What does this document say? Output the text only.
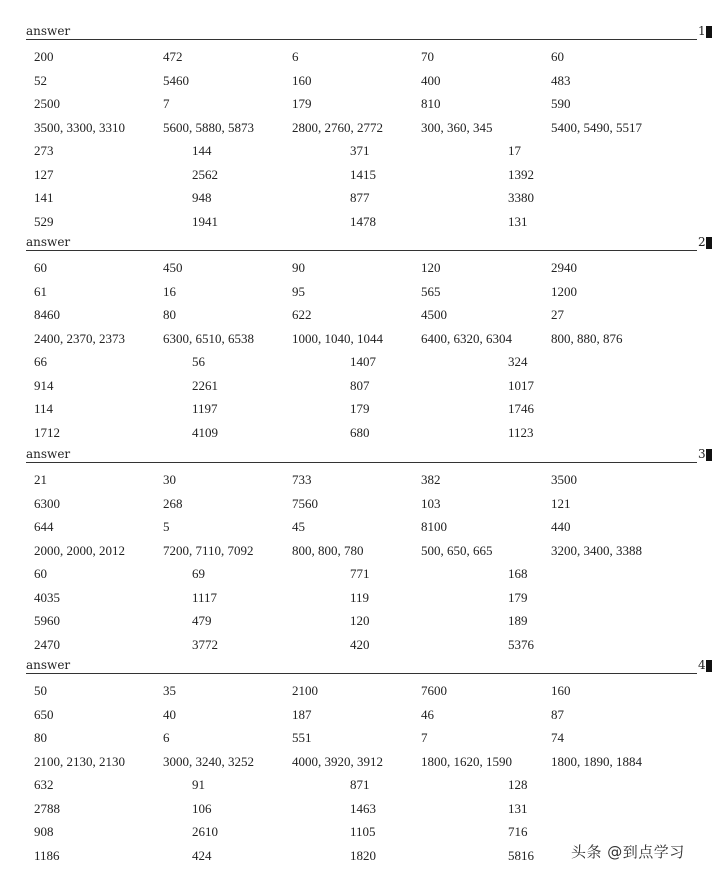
answer	1
200	472	6	70	60
52	5460	160	400	483
2500	7	179	810	590
3500, 3300, 3310	5600, 5880, 5873	2800, 2760, 2772	300, 360, 345	5400, 5490, 5517
273	144	371	17
127	2562	1415	1392
141	948	877	3380
529	1941	1478	131
answer	2
60	450	90	120	2940
61	16	95	565	1200
8460	80	622	4500	27
2400, 2370, 2373	6300, 6510, 6538	1000, 1040, 1044	6400, 6320, 6304	800, 880, 876
66	56	1407	324
914	2261	807	1017
114	1197	179	1746
1712	4109	680	1123
answer	3
21	30	733	382	3500
6300	268	7560	103	121
644	5	45	8100	440
2000, 2000, 2012	7200, 7110, 7092	800, 800, 780	500, 650, 665	3200, 3400, 3388
60	69	771	168
4035	1117	119	179
5960	479	120	189
2470	3772	420	5376
answer	4
50	35	2100	7600	160
650	40	187	46	87
80	6	551	7	74
2100, 2130, 2130	3000, 3240, 3252	4000, 3920, 3912	1800, 1620, 1590	1800, 1890, 1884
632	91	871	128
2788	106	1463	131
908	2610	1105	716
1186	424	1820	5816 头条 @到点学习
